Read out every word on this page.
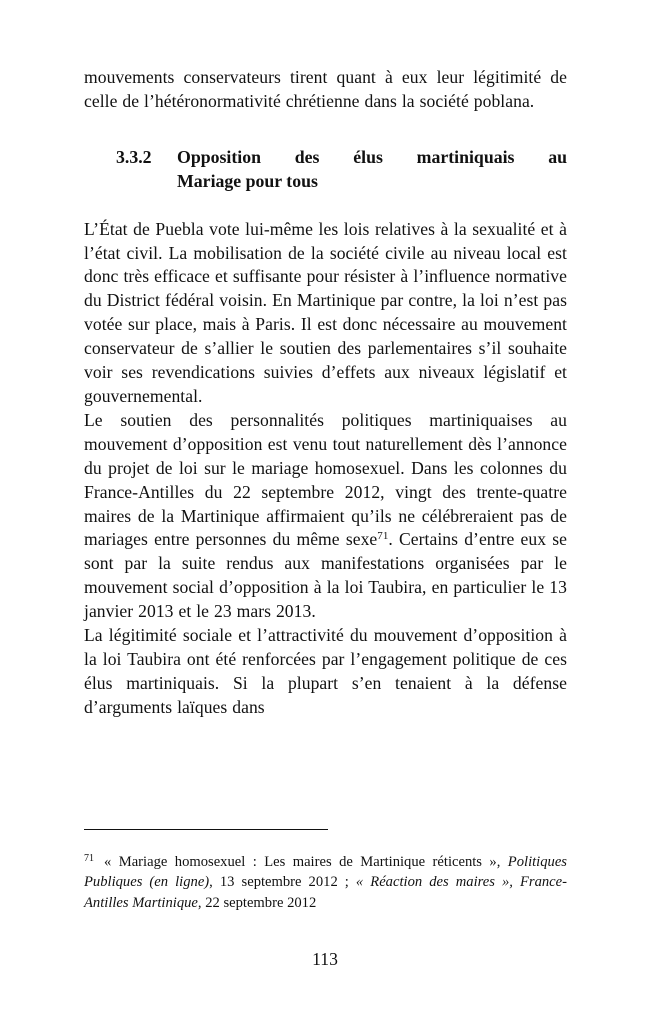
mouvements conservateurs tirent quant à eux leur légitimité de celle de l’hétéronormativité chrétienne dans la société poblana.

3.3.2	Opposition des élus martiniquais au
Mariage pour tous

L’État de Puebla vote lui-même les lois relatives à la sexualité et à l’état civil. La mobilisation de la société civile au niveau local est donc très efficace et suffisante pour résister à l’influence normative du District fédéral voisin. En Martinique par contre, la loi n’est pas votée sur place, mais à Paris. Il est donc nécessaire au mouvement conservateur de s’allier le soutien des parlementaires s’il souhaite voir ses revendications suivies d’effets aux niveaux législatif et gouvernemental.

Le soutien des personnalités politiques martiniquaises au mouvement d’opposition est venu tout naturellement dès l’annonce du projet de loi sur le mariage homosexuel. Dans les colonnes du France-Antilles du 22 septembre 2012, vingt des trente-quatre maires de la Martinique affirmaient qu’ils ne célébreraient pas de mariages entre personnes du même sexe$^{71}$. Certains d’entre eux se sont par la suite rendus aux manifestations organisées par le mouvement social d’opposition à la loi Taubira, en particulier le 13 janvier 2013 et le 23 mars 2013.

La légitimité sociale et l’attractivité du mouvement d’opposition à la loi Taubira ont été renforcées par l’engagement politique de ces élus martiniquais. Si la plupart s’en tenaient à la défense d’arguments laïques dans

$^{71}$ « Mariage homosexuel : Les maires de Martinique réticents », Politiques Publiques (en ligne), 13 septembre 2012 ; « Réaction des maires », France-Antilles Martinique, 22 septembre 2012
113
